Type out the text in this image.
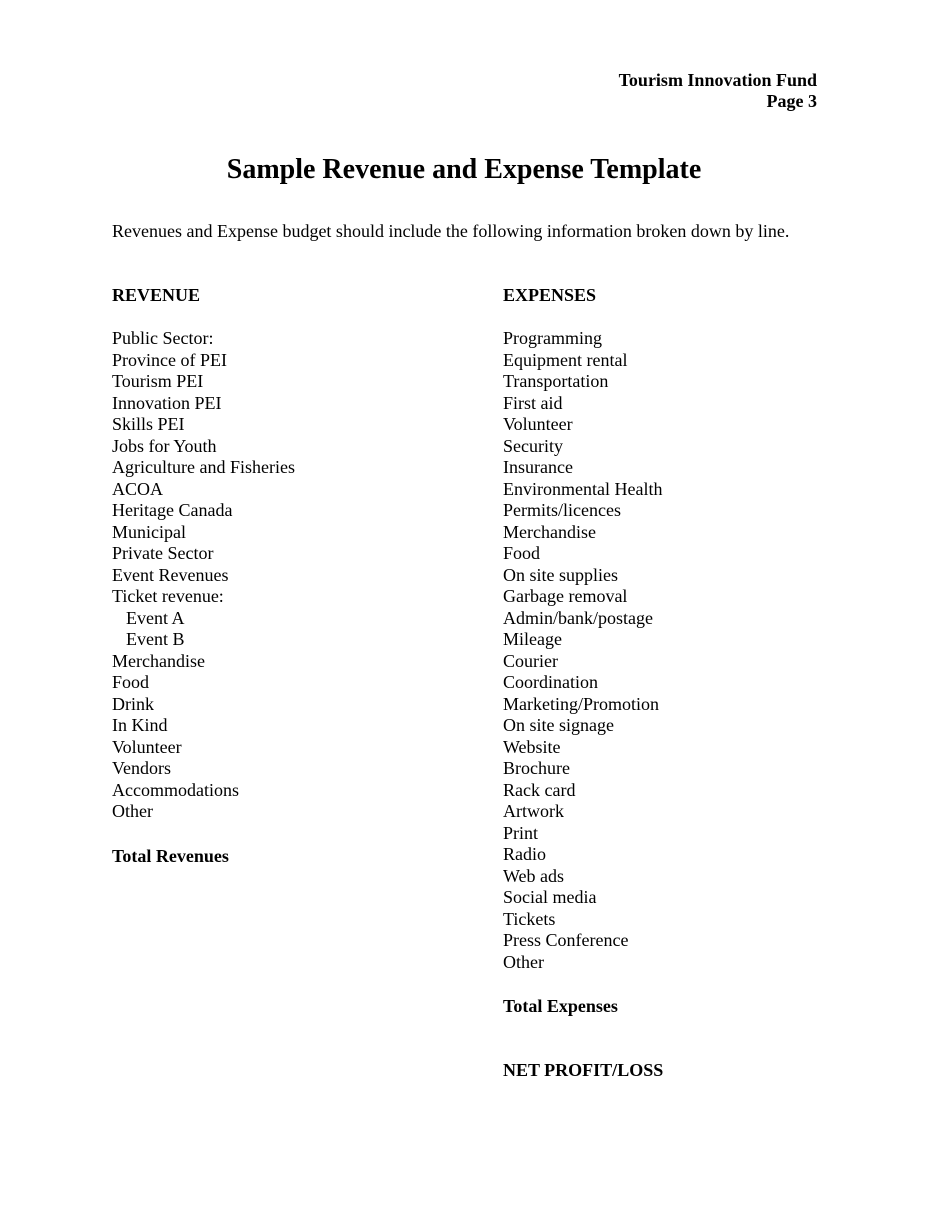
Tourism Innovation Fund
Page 3
Sample Revenue and Expense Template
Revenues and Expense budget should include the following information broken down by line.
REVENUE
Public Sector:
Province of PEI
Tourism PEI
Innovation PEI
Skills PEI
Jobs for Youth
Agriculture and Fisheries
ACOA
Heritage Canada
Municipal
Private Sector
Event Revenues
Ticket revenue:
Event A
Event B
Merchandise
Food
Drink
In Kind
Volunteer
Vendors
Accommodations
Other
Total Revenues
EXPENSES
Programming
Equipment rental
Transportation
First aid
Volunteer
Security
Insurance
Environmental Health
Permits/licences
Merchandise
Food
On site supplies
Garbage removal
Admin/bank/postage
Mileage
Courier
Coordination
Marketing/Promotion
On site signage
Website
Brochure
Rack card
Artwork
Print
Radio
Web ads
Social media
Tickets
Press Conference
Other
Total Expenses
NET PROFIT/LOSS
